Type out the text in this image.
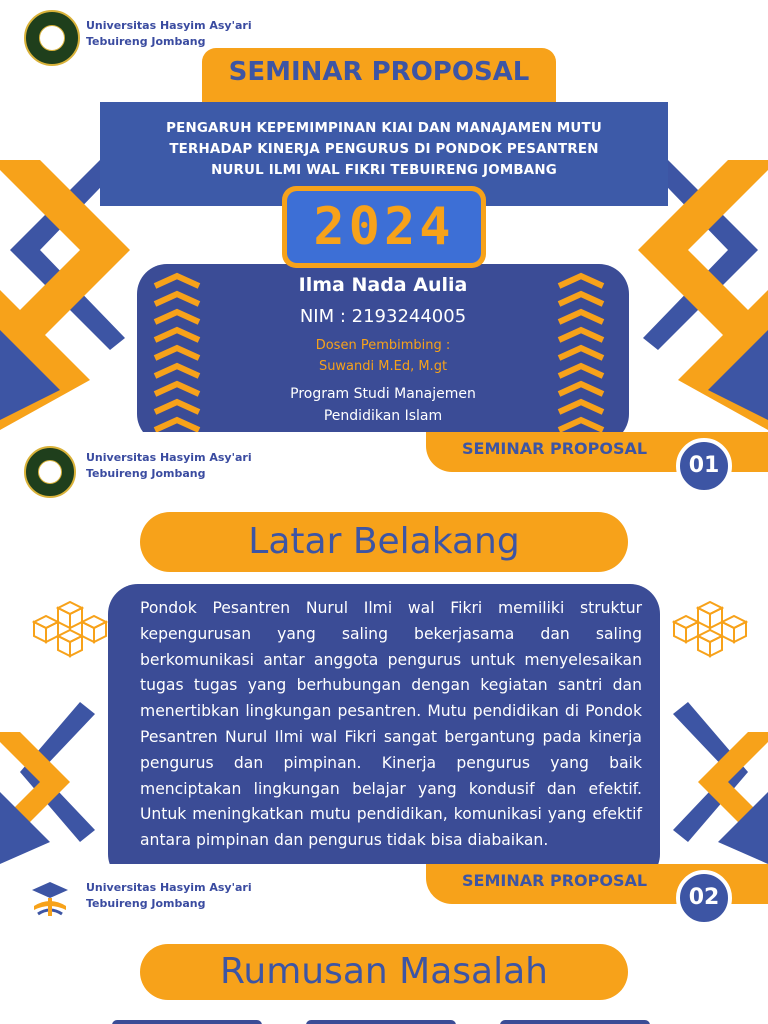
Universitas Hasyim Asy'ari
Tebuireng Jombang
SEMINAR PROPOSAL
PENGARUH KEPEMIMPINAN KIAI DAN MANAJAMEN MUTU
TERHADAP KINERJA PENGURUS DI PONDOK PESANTREN
NURUL ILMI WAL FIKRI TEBUIRENG JOMBANG
Ilma Nada Aulia
NIM : 2193244005
Dosen Pembimbing :
Suwandi M.Ed, M.gt
Program Studi Manajemen
Pendidikan Islam
2024
Universitas Hasyim Asy'ari
Tebuireng Jombang
SEMINAR PROPOSAL
01
Latar Belakang
Pondok Pesantren Nurul Ilmi wal Fikri memiliki struktur kepengurusan yang saling bekerjasama dan saling berkomunikasi antar anggota pengurus untuk menyelesaikan tugas tugas yang berhubungan dengan kegiatan santri dan menertibkan lingkungan pesantren. Mutu pendidikan di Pondok Pesantren Nurul Ilmi wal Fikri sangat bergantung pada kinerja pengurus dan pimpinan. Kinerja pengurus yang baik menciptakan lingkungan belajar yang kondusif dan efektif. Untuk meningkatkan mutu pendidikan, komunikasi yang efektif antara pimpinan dan pengurus tidak bisa diabaikan.
Universitas Hasyim Asy'ari
Tebuireng Jombang
SEMINAR PROPOSAL
02
Rumusan Masalah
